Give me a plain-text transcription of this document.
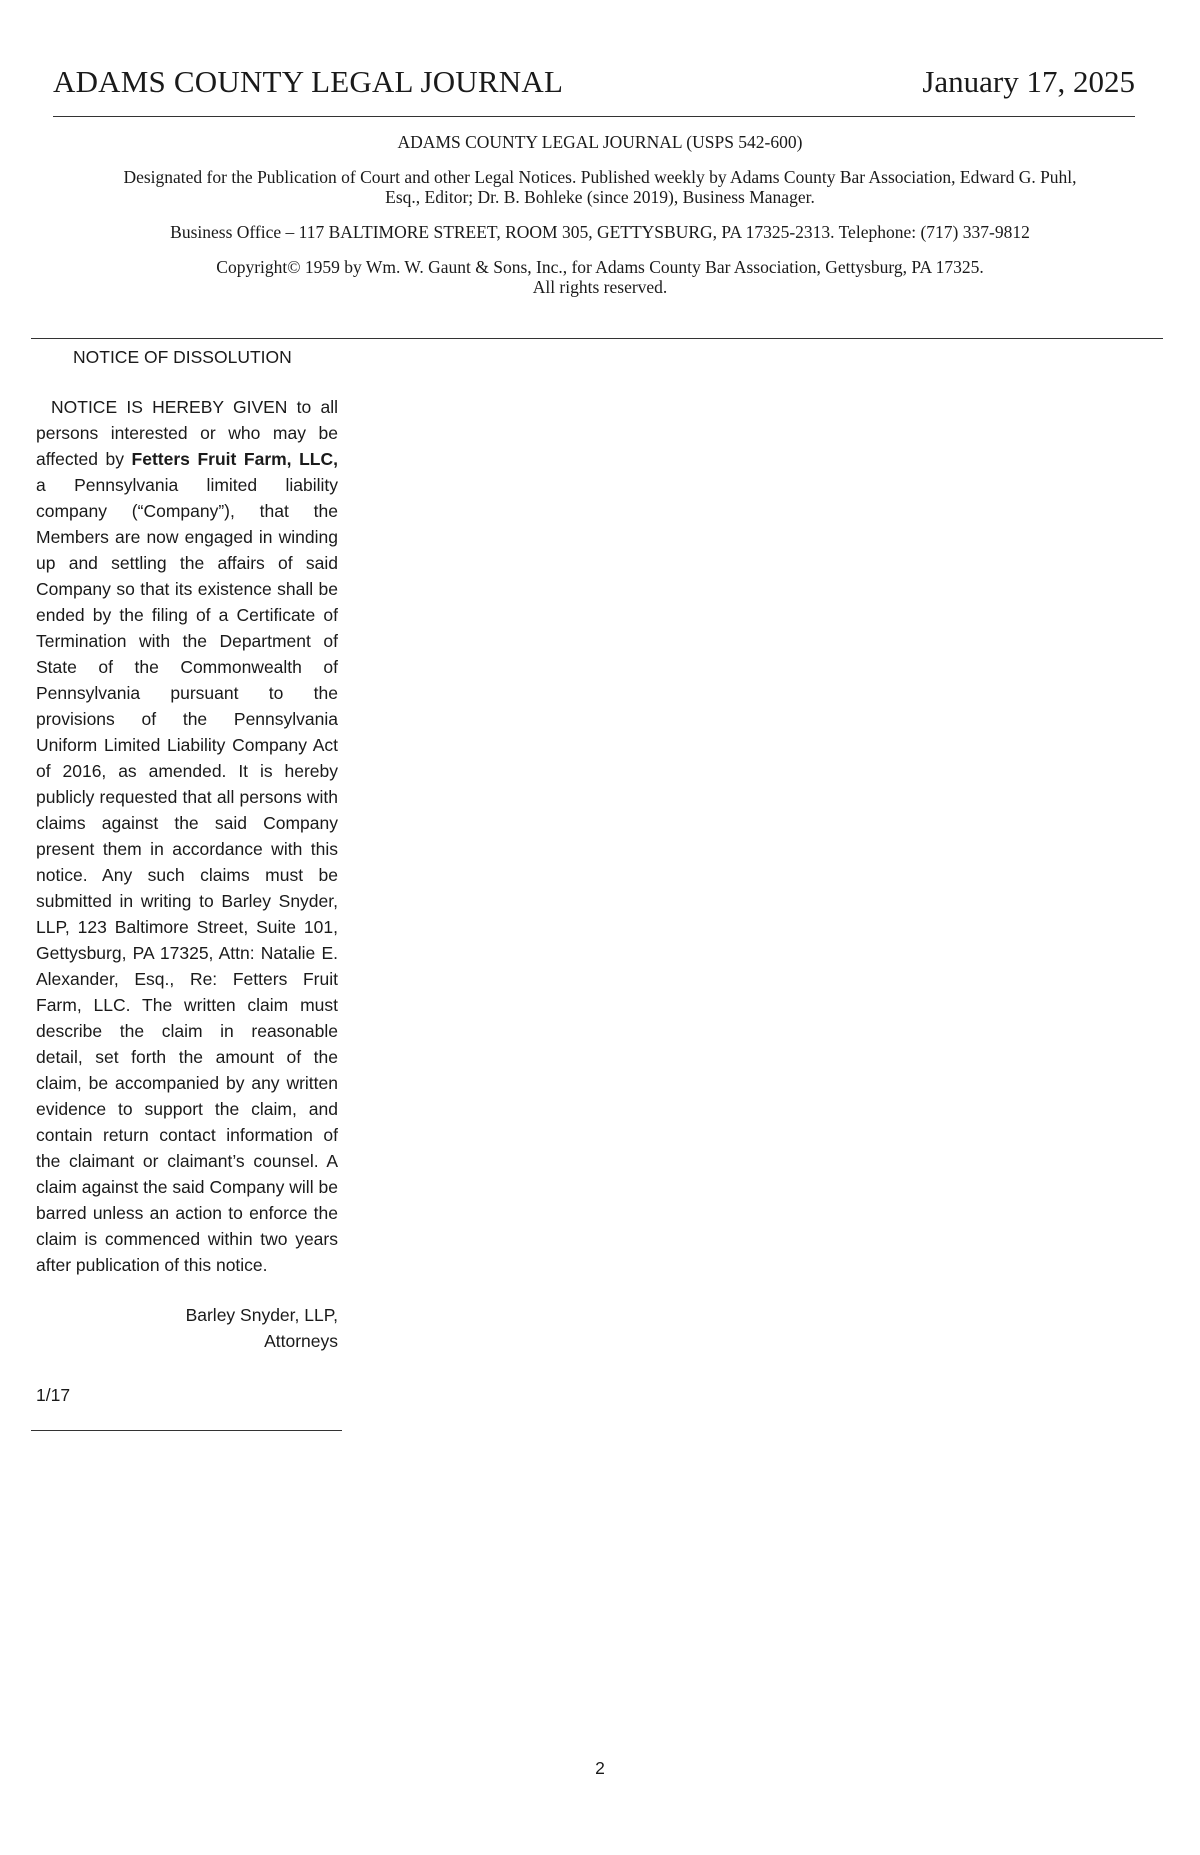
ADAMS COUNTY LEGAL JOURNAL	January 17, 2025

ADAMS COUNTY LEGAL JOURNAL (USPS 542-600)

Designated for the Publication of Court and other Legal Notices. Published weekly by Adams County Bar Association, Edward G. Puhl, Esq., Editor; Dr. B. Bohleke (since 2019), Business Manager.

Business Office – 117 BALTIMORE STREET, ROOM 305, GETTYSBURG, PA 17325-2313. Telephone: (717) 337-9812

Copyright© 1959 by Wm. W. Gaunt & Sons, Inc., for Adams County Bar Association, Gettysburg, PA 17325.
All rights reserved.

NOTICE OF DISSOLUTION

NOTICE IS HEREBY GIVEN to all persons interested or who may be affected by Fetters Fruit Farm, LLC, a Pennsylvania limited liability company (“Company”), that the Members are now engaged in winding up and settling the affairs of said Company so that its existence shall be ended by the filing of a Certificate of Termination with the Department of State of the Commonwealth of Pennsylvania pursuant to the provisions of the Pennsylvania Uniform Limited Liability Company Act of 2016, as amended. It is hereby publicly requested that all persons with claims against the said Company present them in accordance with this notice. Any such claims must be submitted in writing to Barley Snyder, LLP, 123 Baltimore Street, Suite 101, Gettysburg, PA 17325, Attn: Natalie E. Alexander, Esq., Re: Fetters Fruit Farm, LLC. The written claim must describe the claim in reasonable detail, set forth the amount of the claim, be accompanied by any written evidence to support the claim, and contain return contact information of the claimant or claimant’s counsel. A claim against the said Company will be barred unless an action to enforce the claim is commenced within two years after publication of this notice.

Barley Snyder, LLP,
Attorneys
1/17
2
